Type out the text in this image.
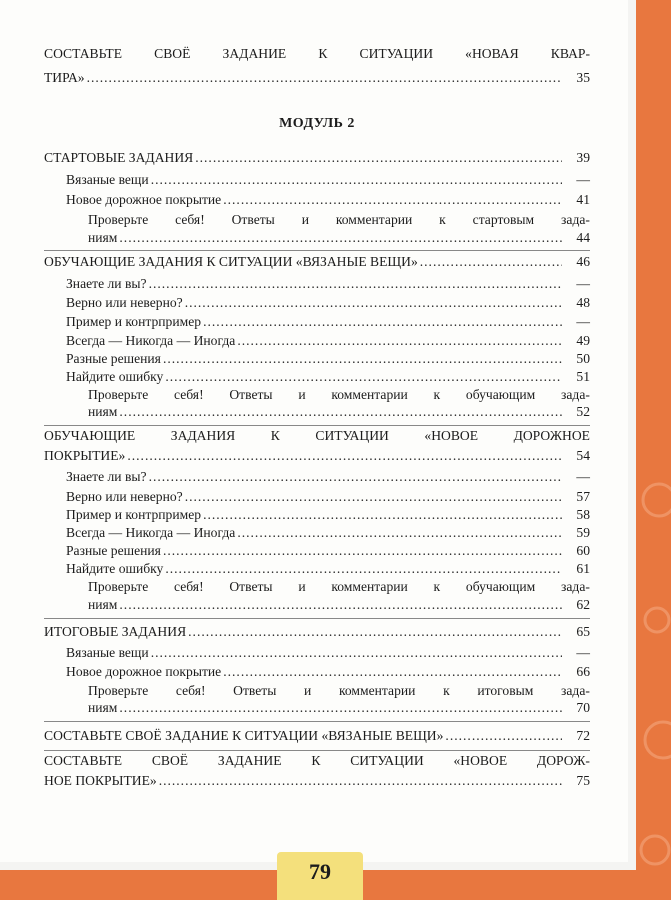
СОСТАВЬТЕ СВОЁ ЗАДАНИЕ К СИТУАЦИИ «НОВАЯ КВАР-
ТИРА» .....	35
МОДУЛЬ 2
СТАРТОВЫЕ ЗАДАНИЯ .....	39
Вязаные вещи .....	—
Новое дорожное покрытие .....	41
Проверьте себя! Ответы и комментарии к стартовым зада-
ниям .....	44
ОБУЧАЮЩИЕ ЗАДАНИЯ К СИТУАЦИИ «ВЯЗАНЫЕ ВЕЩИ» .....	46
Знаете ли вы? .....	—
Верно или неверно? .....	48
Пример и контрпример .....	—
Всегда — Никогда — Иногда .....	49
Разные решения .....	50
Найдите ошибку .....	51
Проверьте себя! Ответы и комментарии к обучающим зада-
ниям .....	52
ОБУЧАЮЩИЕ	ЗАДАНИЯ	К	СИТУАЦИИ	«НОВОЕ	ДОРОЖНОЕ
ПОКРЫТИЕ» .....	54
Знаете ли вы? .....	—
Верно или неверно? .....	57
Пример и контрпример .....	58
Всегда — Никогда — Иногда .....	59
Разные решения .....	60
Найдите ошибку .....	61
Проверьте себя! Ответы и комментарии к обучающим зада-
ниям .....	62
ИТОГОВЫЕ ЗАДАНИЯ .....	65
Вязаные вещи .....	—
Новое дорожное покрытие .....	66
Проверьте себя! Ответы и комментарии к итоговым зада-
ниям .....	70
СОСТАВЬТЕ СВОЁ ЗАДАНИЕ К СИТУАЦИИ «ВЯЗАНЫЕ ВЕЩИ» .....	72
СОСТАВЬТЕ СВОЁ ЗАДАНИЕ К СИТУАЦИИ «НОВОЕ ДОРОЖ-
НОЕ ПОКРЫТИЕ» .....	75
79
